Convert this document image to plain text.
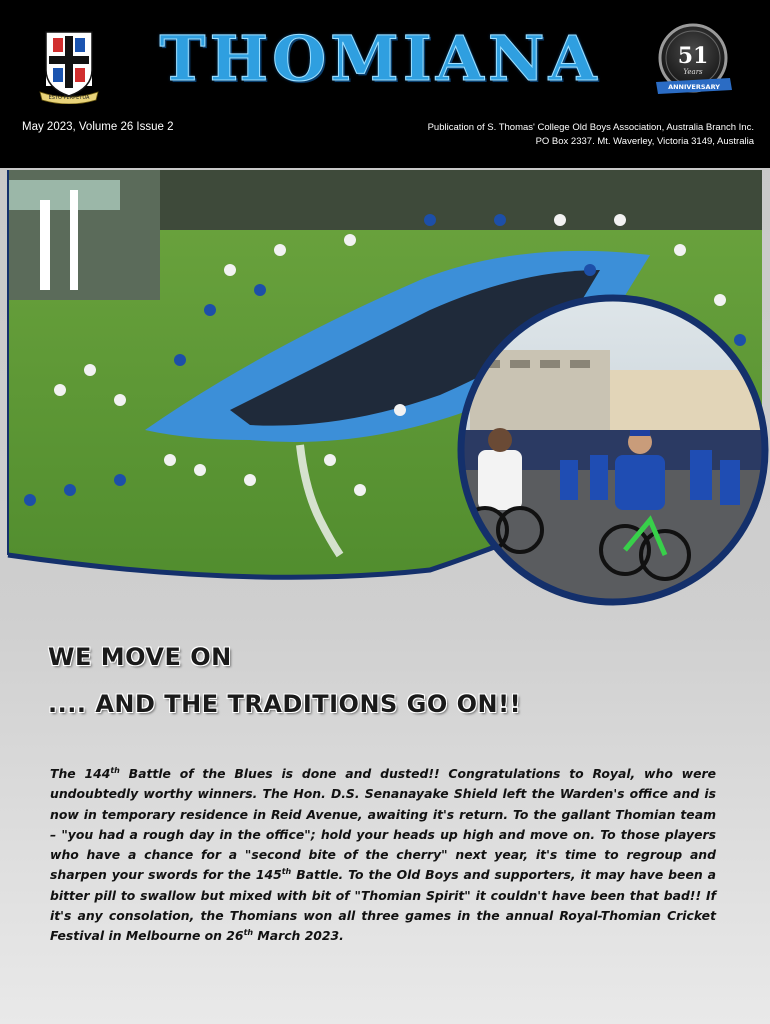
ESTO PERPETUA
THOMIANA	51
Years
ANNIVERSARY
May 2023, Volume 26 Issue 2	Publication of S. Thomas' College Old Boys Association, Australia Branch Inc.
PO Box 2337. Mt. Waverley, Victoria 3149, Australia
WE MOVE ON
.... AND THE TRADITIONS GO ON!!
The 144th Battle of the Blues is done and dusted!! Congratulations to Royal, who were undoubtedly worthy winners. The Hon. D.S. Senanayake Shield left the Warden's office and is now in temporary residence in Reid Avenue, awaiting it's return. To the gallant Thomian team – "you had a rough day in the office"; hold your heads up high and move on. To those players who have a chance for a "second bite of the cherry" next year, it's time to regroup and sharpen your swords for the 145th Battle. To the Old Boys and supporters, it may have been a bitter pill to swallow but mixed with bit of "Thomian Spirit" it couldn't have been that bad!! If it's any consolation, the Thomians won all three games in the annual Royal-Thomian Cricket Festival in Melbourne on 26th March 2023.
